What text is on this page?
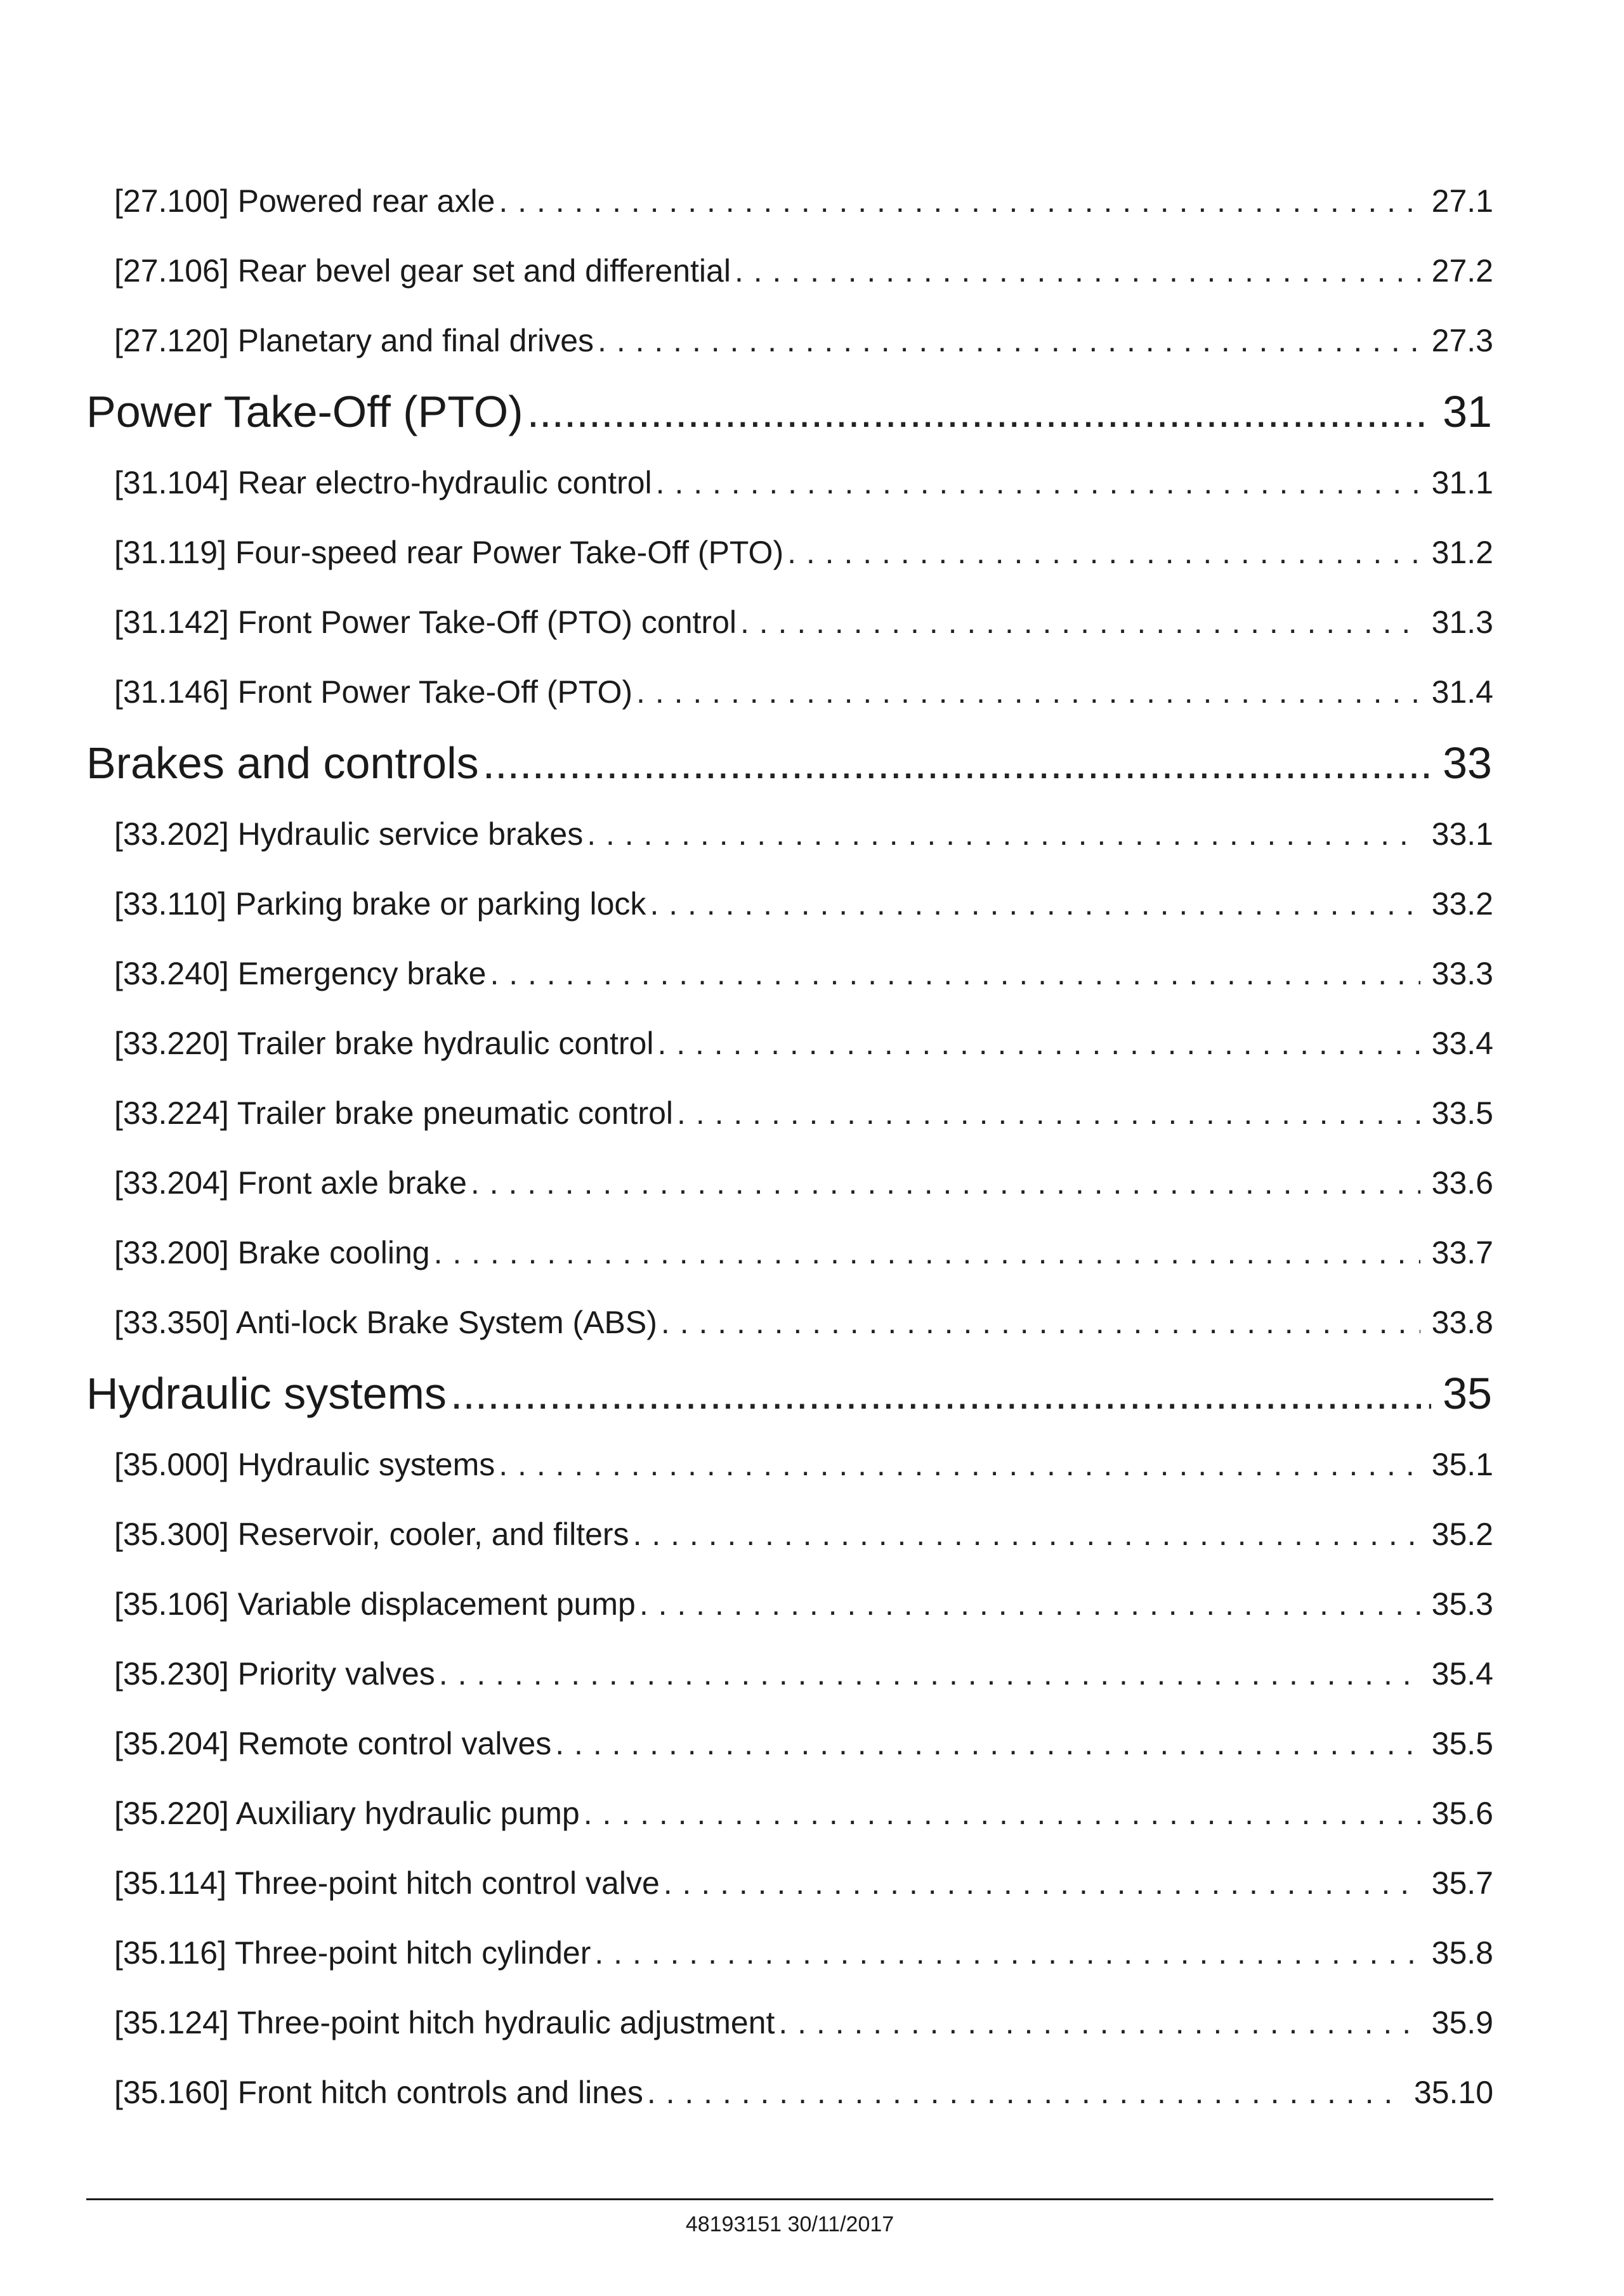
[27.100] Powered rear axle . . .	27.1
[27.106] Rear bevel gear set and differential . . .	27.2
[27.120] Planetary and final drives . . .	27.3
Power Take-Off (PTO) .....	31
[31.104] Rear electro-hydraulic control . . .	31.1
[31.119] Four-speed rear Power Take-Off (PTO) . . .	31.2
[31.142] Front Power Take-Off (PTO) control . . .	31.3
[31.146] Front Power Take-Off (PTO) . . .	31.4
Brakes and controls .....	33
[33.202] Hydraulic service brakes . . .	33.1
[33.110] Parking brake or parking lock . . .	33.2
[33.240] Emergency brake . . .	33.3
[33.220] Trailer brake hydraulic control . . .	33.4
[33.224] Trailer brake pneumatic control . . .	33.5
[33.204] Front axle brake . . .	33.6
[33.200] Brake cooling . . .	33.7
[33.350] Anti-lock Brake System (ABS) . . .	33.8
Hydraulic systems .....	35
[35.000] Hydraulic systems . . .	35.1
[35.300] Reservoir, cooler, and filters . . .	35.2
[35.106] Variable displacement pump . . .	35.3
[35.230] Priority valves . . .	35.4
[35.204] Remote control valves . . .	35.5
[35.220] Auxiliary hydraulic pump . . .	35.6
[35.114] Three-point hitch control valve . . .	35.7
[35.116] Three-point hitch cylinder . . .	35.8
[35.124] Three-point hitch hydraulic adjustment . . .	35.9
[35.160] Front hitch controls and lines . . .	35.10
48193151 30/11/2017
